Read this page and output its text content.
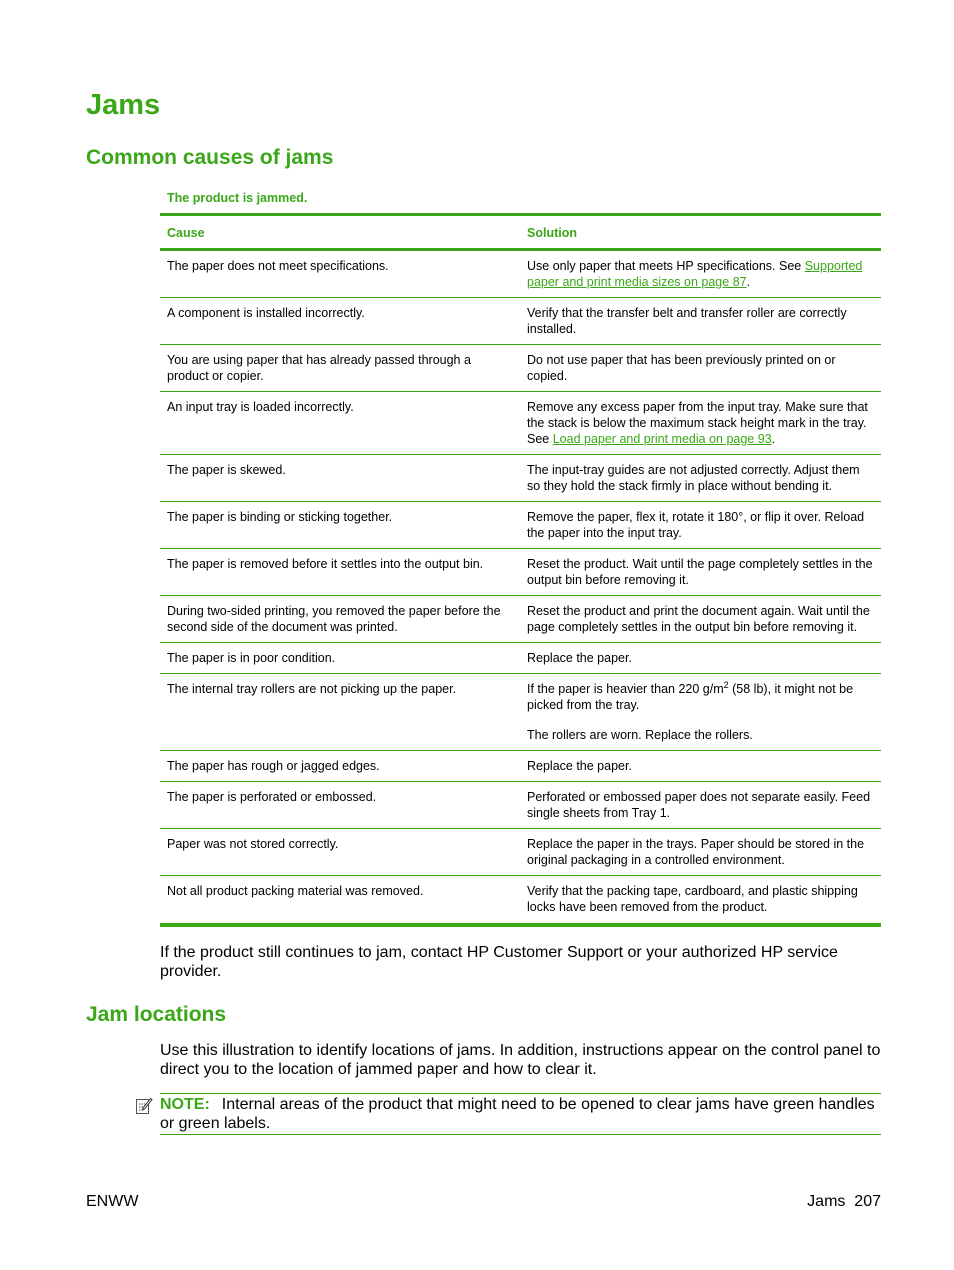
Jams
Common causes of jams
The product is jammed.
Cause	Solution
The paper does not meet specifications.	Use only paper that meets HP specifications. See Supported paper and print media sizes on page 87.
A component is installed incorrectly.	Verify that the transfer belt and transfer roller are correctly installed.
You are using paper that has already passed through a product or copier.	Do not use paper that has been previously printed on or copied.
An input tray is loaded incorrectly.	Remove any excess paper from the input tray. Make sure that the stack is below the maximum stack height mark in the tray. See Load paper and print media on page 93.
The paper is skewed.	The input-tray guides are not adjusted correctly. Adjust them so they hold the stack firmly in place without bending it.
The paper is binding or sticking together.	Remove the paper, flex it, rotate it 180°, or flip it over. Reload the paper into the input tray.
The paper is removed before it settles into the output bin.	Reset the product. Wait until the page completely settles in the output bin before removing it.
During two-sided printing, you removed the paper before the second side of the document was printed.	Reset the product and print the document again. Wait until the page completely settles in the output bin before removing it.
The paper is in poor condition.	Replace the paper.
The internal tray rollers are not picking up the paper.	If the paper is heavier than 220 $g/m^2$ (58 lb), it might not be picked from the tray.
The rollers are worn. Replace the rollers.
The paper has rough or jagged edges.	Replace the paper.
The paper is perforated or embossed.	Perforated or embossed paper does not separate easily. Feed single sheets from Tray 1.
Paper was not stored correctly.	Replace the paper in the trays. Paper should be stored in the original packaging in a controlled environment.
Not all product packing material was removed.	Verify that the packing tape, cardboard, and plastic shipping locks have been removed from the product.

If the product still continues to jam, contact HP Customer Support or your authorized HP service provider.

Jam locations

Use this illustration to identify locations of jams. In addition, instructions appear on the control panel to direct you to the location of jammed paper and how to clear it.

NOTE: Internal areas of the product that might need to be opened to clear jams have green handles or green labels.
ENWW	Jams 207
